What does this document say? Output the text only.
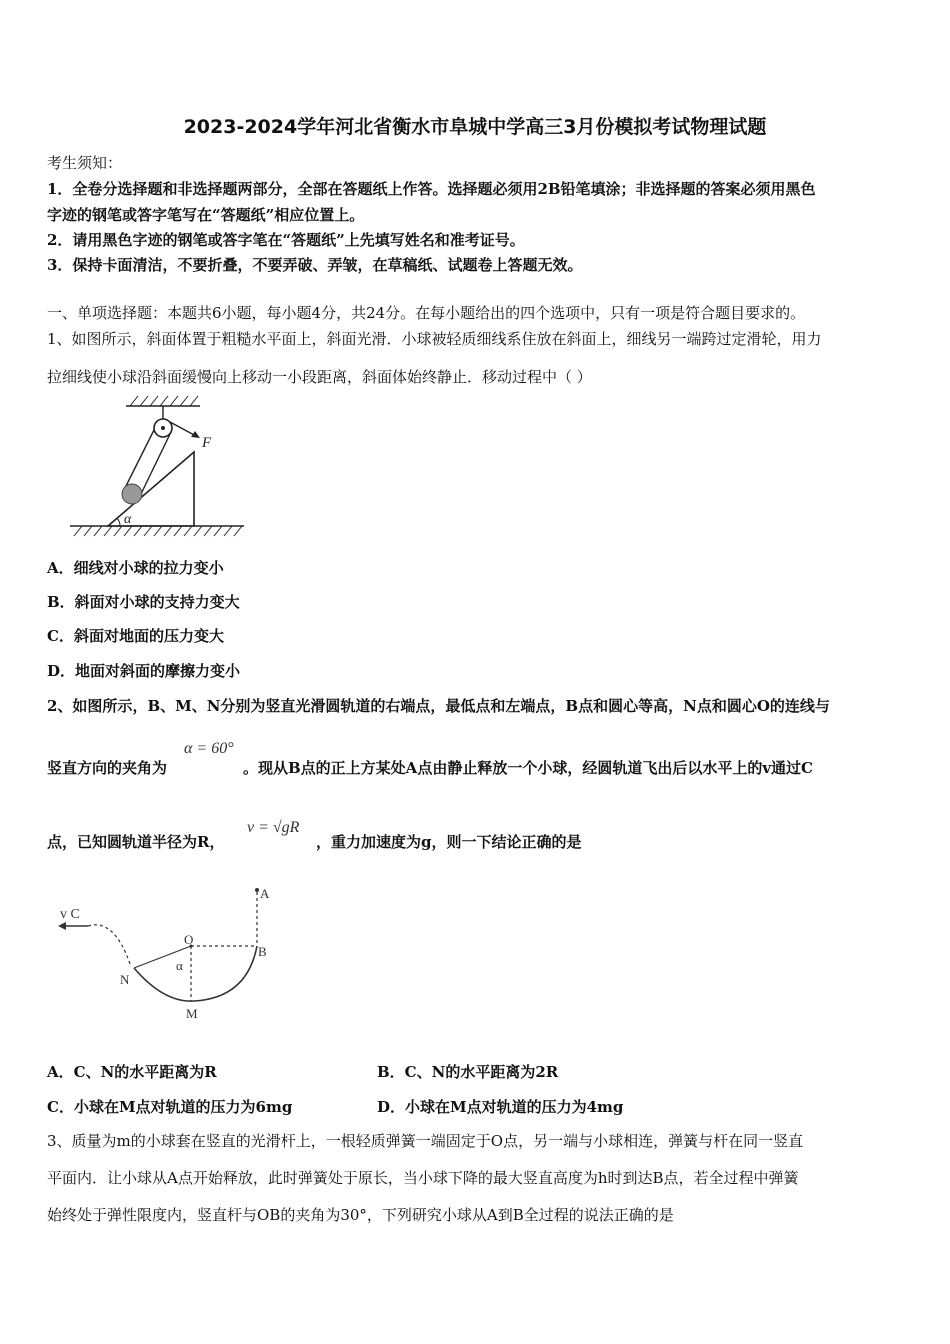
2023-2024学年河北省衡水市阜城中学高三3月份模拟考试物理试题
考生须知：
1．全卷分选择题和非选择题两部分，全部在答题纸上作答。选择题必须用2B铅笔填涂；非选择题的答案必须用黑色
字迹的钢笔或答字笔写在“答题纸”相应位置上。
2．请用黑色字迹的钢笔或答字笔在“答题纸”上先填写姓名和准考证号。
3．保持卡面清洁，不要折叠，不要弄破、弄皱，在草稿纸、试题卷上答题无效。
一、单项选择题：本题共6小题，每小题4分，共24分。在每小题给出的四个选项中，只有一项是符合题目要求的。
1、如图所示，斜面体置于粗糙水平面上，斜面光滑．小球被轻质细线系住放在斜面上，细线另一端跨过定滑轮，用力
拉细线使小球沿斜面缓慢向上移动一小段距离，斜面体始终静止．移动过程中（ ）
F
α
A．细线对小球的拉力变小
B．斜面对小球的支持力变大
C．斜面对地面的压力变大
D．地面对斜面的摩擦力变小
2、如图所示，B、M、N分别为竖直光滑圆轨道的右端点，最低点和左端点，B点和圆心等高，N点和圆心O的连线与
竖直方向的夹角为
α = 60°
。现从B点的正上方某处A点由静止释放一个小球，经圆轨道飞出后以水平上的v通过C
点，已知圆轨道半径为R，
v = √gR
，重力加速度为g，则一下结论正确的是
v C
O
α
A
B
N
M
A．C、N的水平距离为R	B．C、N的水平距离为2R
C．小球在M点对轨道的压力为6mg	D．小球在M点对轨道的压力为4mg
3、质量为m的小球套在竖直的光滑杆上，一根轻质弹簧一端固定于O点，另一端与小球相连，弹簧与杆在同一竖直
平面内．让小球从A点开始释放，此时弹簧处于原长，当小球下降的最大竖直高度为h时到达B点，若全过程中弹簧
始终处于弹性限度内，竖直杆与OB的夹角为30°，下列研究小球从A到B全过程的说法正确的是
